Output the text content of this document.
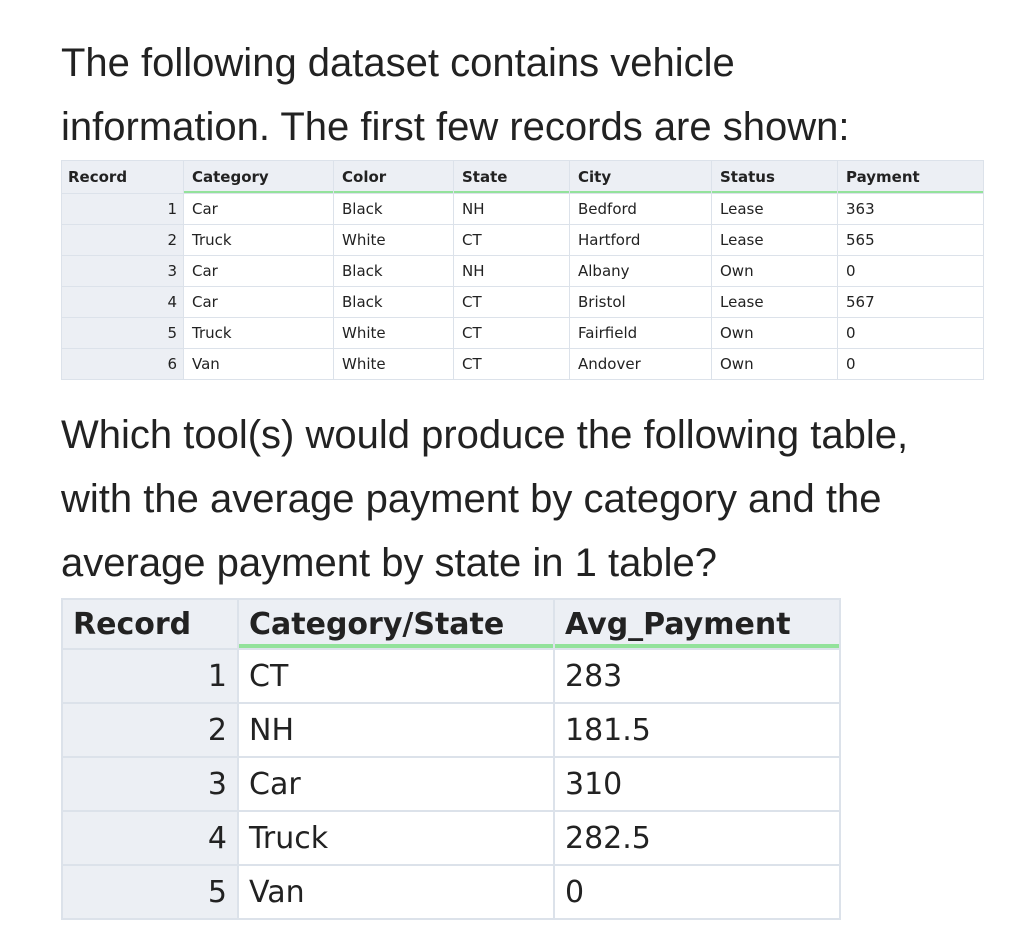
The following dataset contains vehicle information. The first few records are shown:

Record	Category	Color	State	City	Status	Payment
1	Car	Black	NH	Bedford	Lease	363
2	Truck	White	CT	Hartford	Lease	565
3	Car	Black	NH	Albany	Own	0
4	Car	Black	CT	Bristol	Lease	567
5	Truck	White	CT	Fairfield	Own	0
6	Van	White	CT	Andover	Own	0

Which tool(s) would produce the following table, with the average payment by category and the average payment by state in 1 table?

Record	Category/State	Avg_Payment
1	CT	283
2	NH	181.5
3	Car	310
4	Truck	282.5
5	Van	0
